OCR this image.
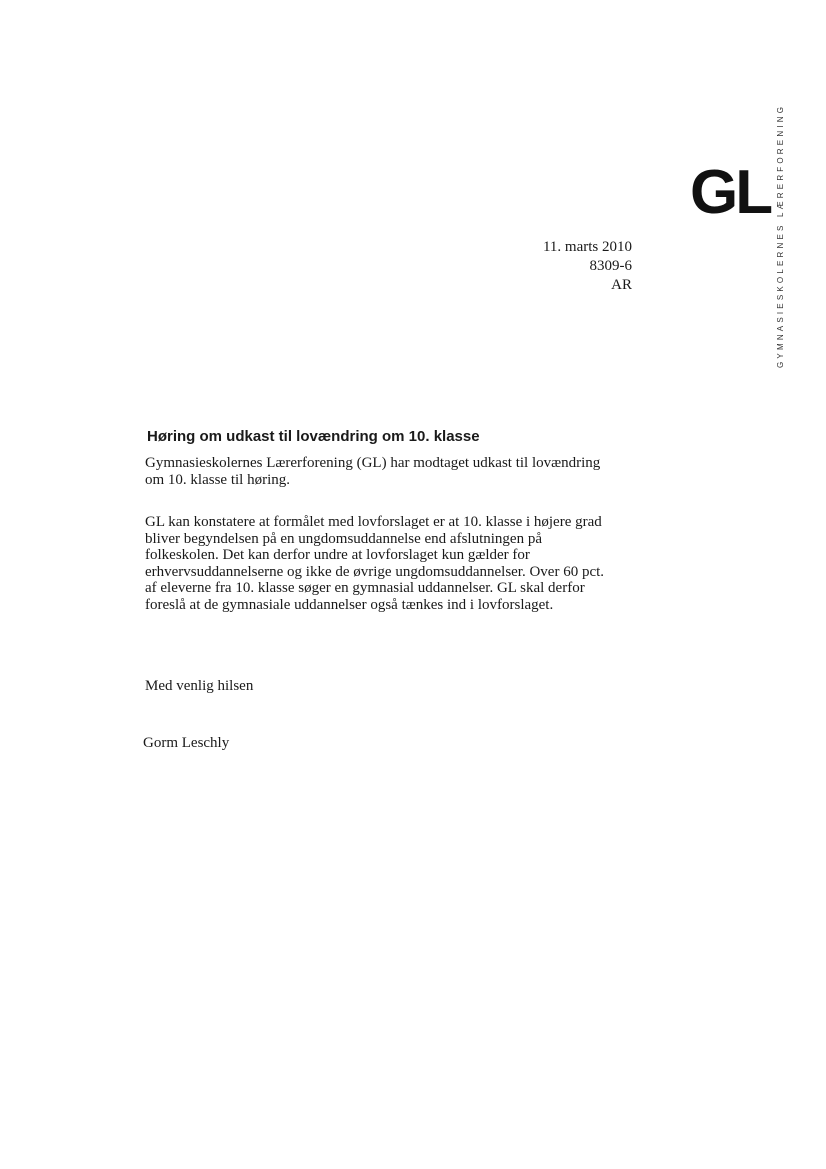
GL GYMNASIESKOLERNES LÆRERFORENING
11. marts 2010
8309-6
AR
Høring om udkast til lovændring om 10. klasse
Gymnasieskolernes Lærerforening (GL) har modtaget udkast til lovændring
om 10. klasse til høring.
GL kan konstatere at formålet med lovforslaget er at 10. klasse i højere grad
bliver begyndelsen på en ungdomsuddannelse end afslutningen på
folkeskolen. Det kan derfor undre at lovforslaget kun gælder for
erhvervsuddannelserne og ikke de øvrige ungdomsuddannelser. Over 60 pct.
af eleverne fra 10. klasse søger en gymnasial uddannelser. GL skal derfor
foreslå at de gymnasiale uddannelser også tænkes ind i lovforslaget.
Med venlig hilsen
Gorm Leschly
